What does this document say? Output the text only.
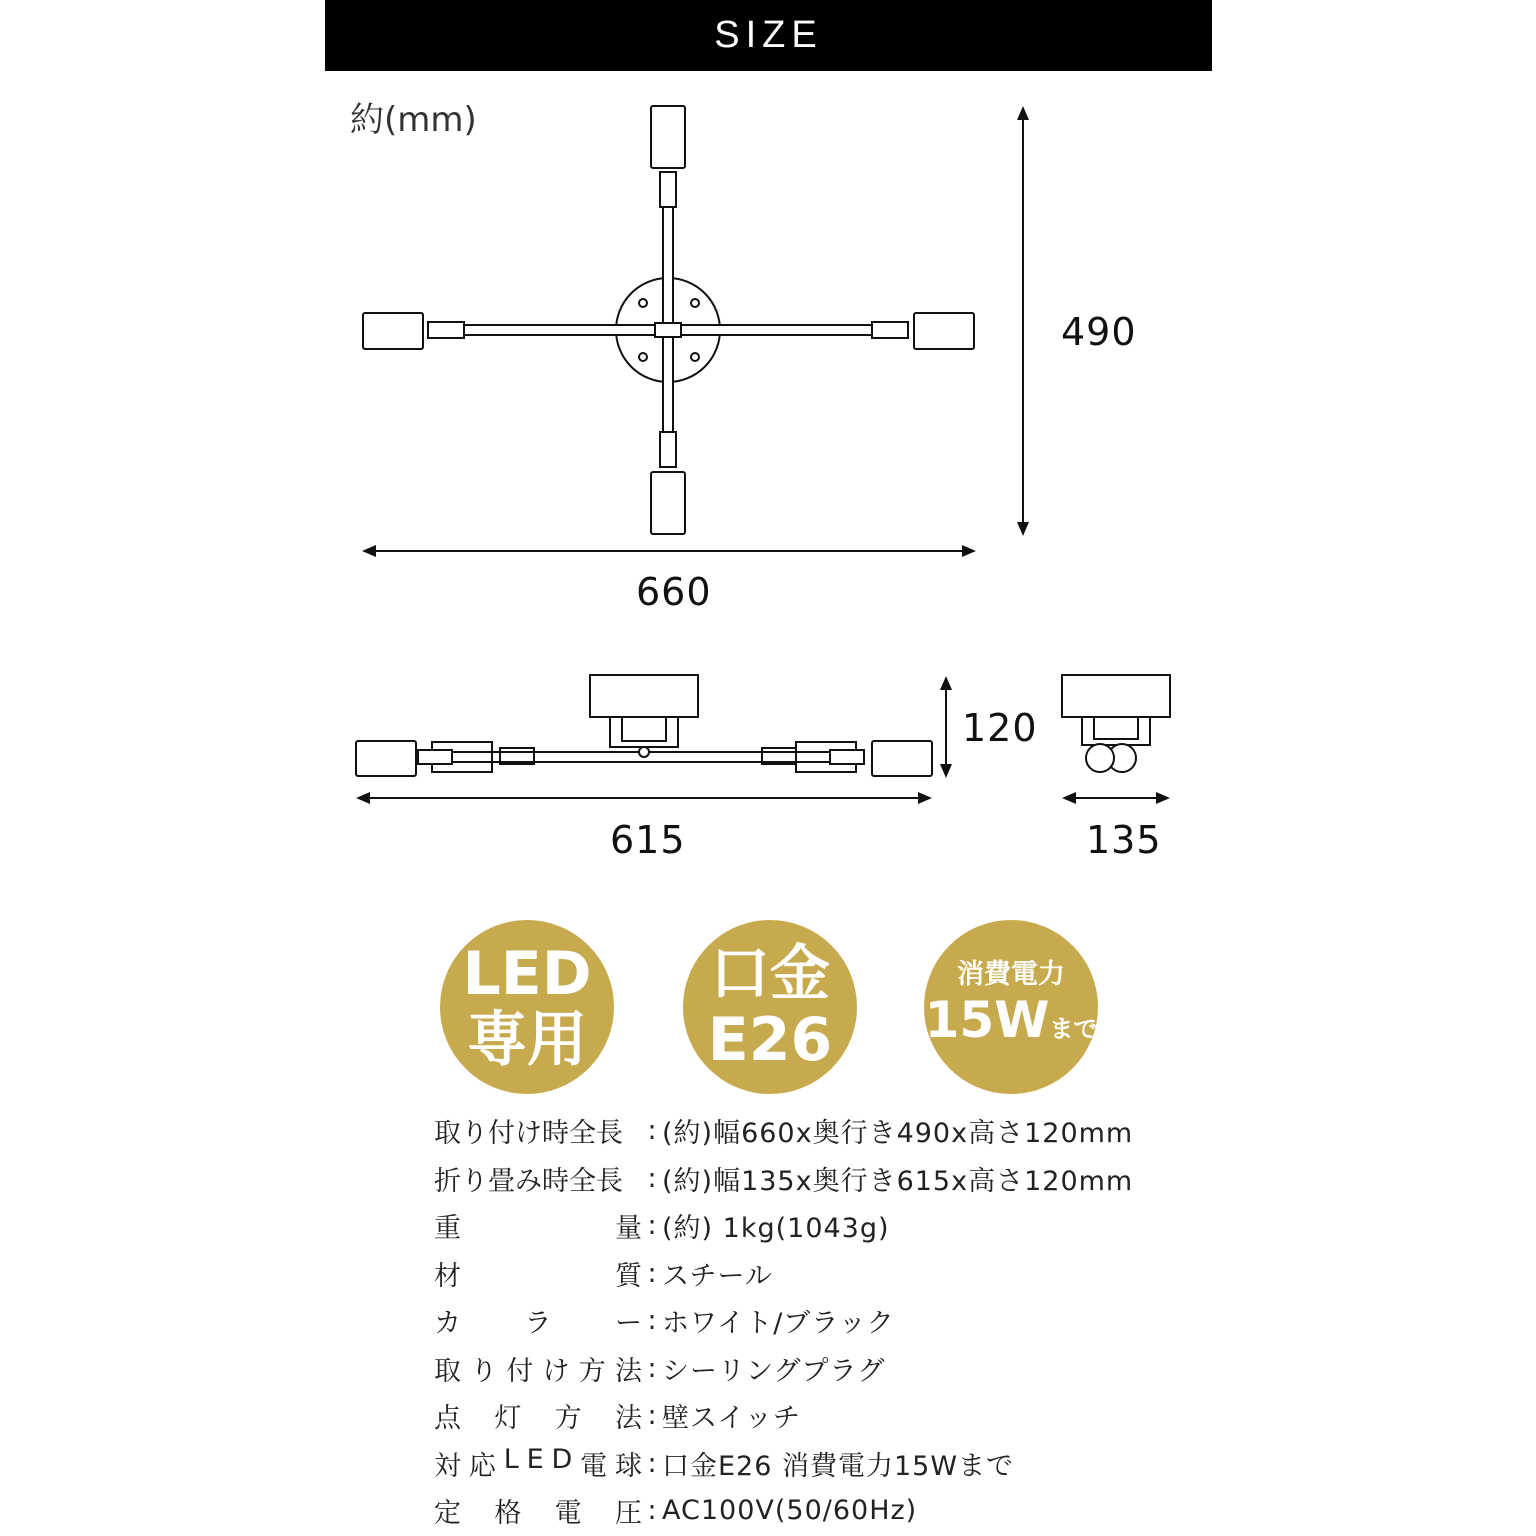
SIZE
約(mm)
490
660
120
615	135
LED
専用
口金
E26
消費電力
15Wまで
取り付け時全長 : (約)幅660x奥行き490x高さ120mm
折り畳み時全長 : (約)幅135x奥行き615x高さ120mm
重	量 : (約) 1kg(1043g)
材	質 : スチール
カ ラ ー : ホワイト/ブラック
取 り 付 け 方 法 : シーリングプラグ
点 灯 方 法 : 壁スイッチ
対 応 L E D 電 球 : 口金E26 消費電力15Wまで
定 格 電 圧 : AC100V(50/60Hz)
